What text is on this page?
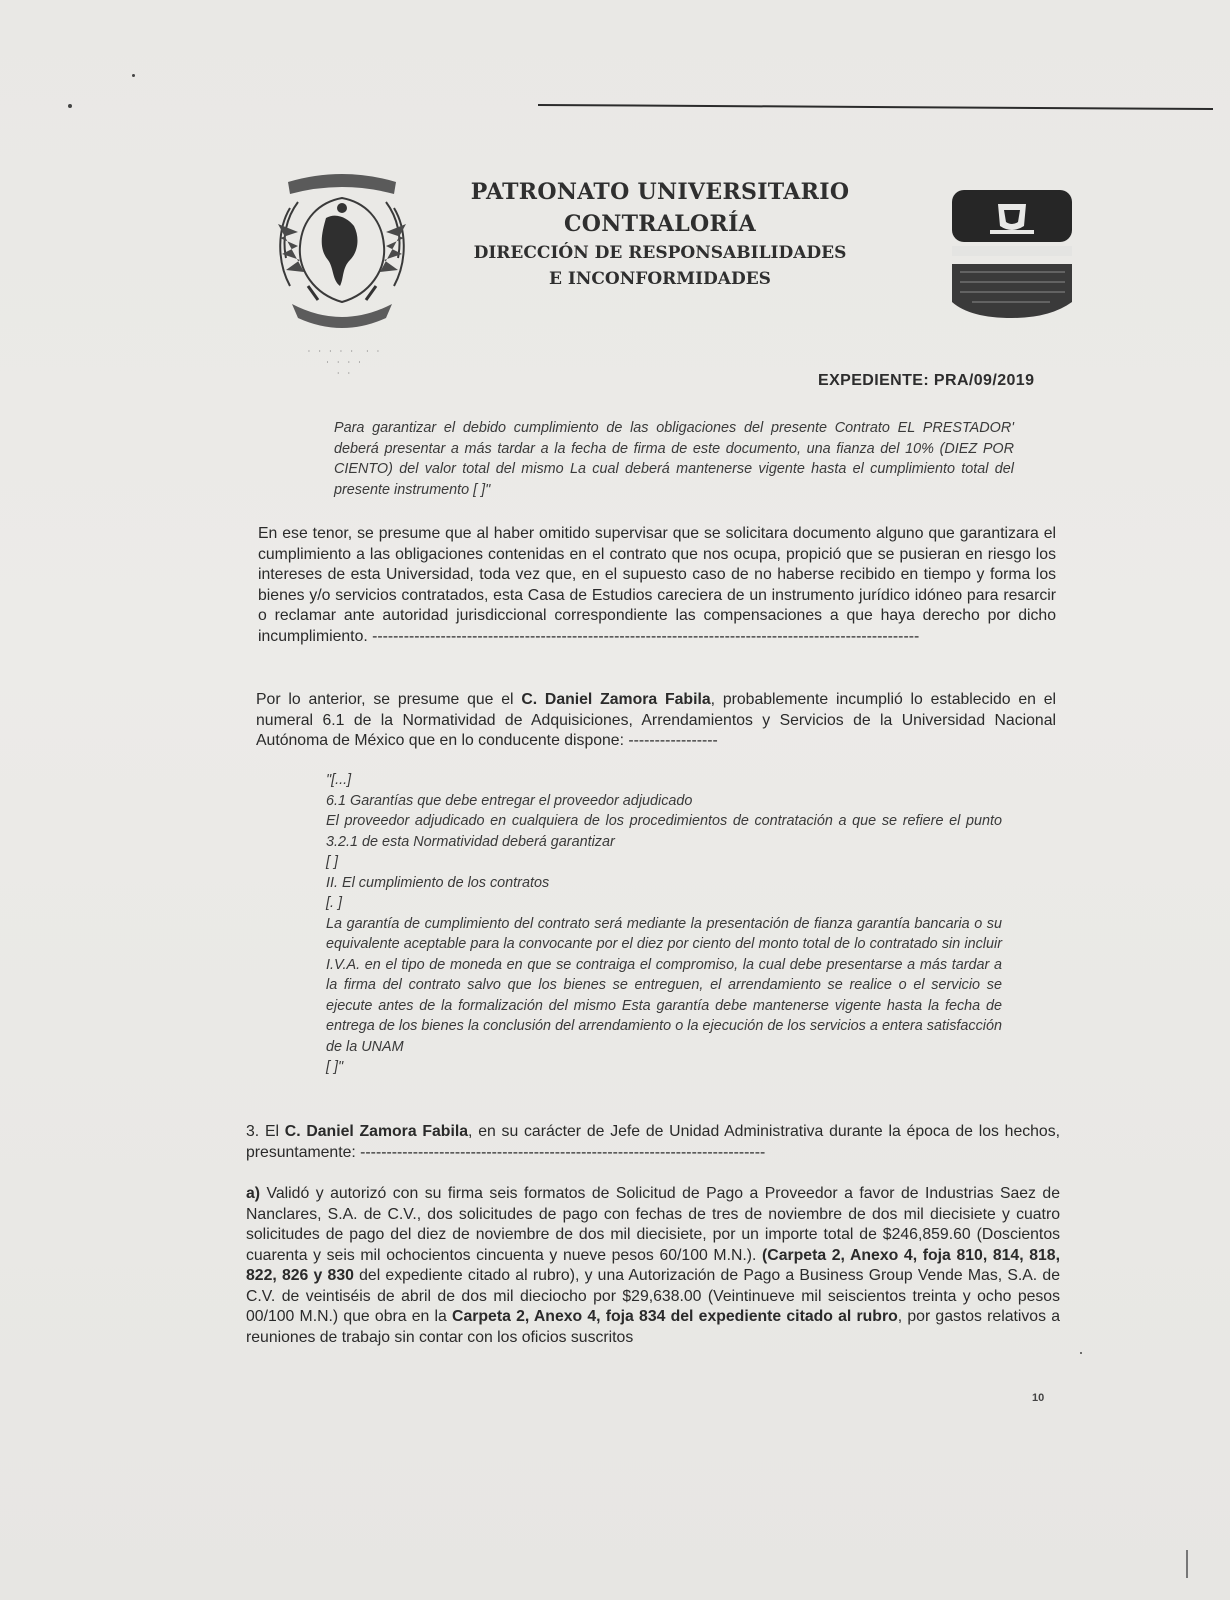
· · · · ·  · ·
· · · ·
· ·
PATRONATO UNIVERSITARIO
CONTRALORÍA
DIRECCIÓN DE RESPONSABILIDADES
E INCONFORMIDADES
EXPEDIENTE: PRA/09/2019
Para garantizar el debido cumplimiento de las obligaciones del presente Contrato EL PRESTADOR' deberá presentar a más tardar a la fecha de firma de este documento, una fianza del 10% (DIEZ POR CIENTO) del valor total del mismo La cual deberá mantenerse vigente hasta el cumplimiento total del presente instrumento [ ]"
En ese tenor, se presume que al haber omitido supervisar que se solicitara documento alguno que garantizara el cumplimiento a las obligaciones contenidas en el contrato que nos ocupa, propició que se pusieran en riesgo los intereses de esta Universidad, toda vez que, en el supuesto caso de no haberse recibido en tiempo y forma los bienes y/o servicios contratados, esta Casa de Estudios careciera de un instrumento jurídico idóneo para resarcir o reclamar ante autoridad jurisdiccional correspondiente las compensaciones a que haya derecho por dicho incumplimiento. --------------------------------------------------------------------------------------------------------
Por lo anterior, se presume que el C. Daniel Zamora Fabila, probablemente incumplió lo establecido en el numeral 6.1 de la Normatividad de Adquisiciones, Arrendamientos y Servicios de la Universidad Nacional Autónoma de México que en lo conducente dispone: -----------------
"[...]
6.1 Garantías que debe entregar el proveedor adjudicado
El proveedor adjudicado en cualquiera de los procedimientos de contratación a que se refiere el punto 3.2.1 de esta Normatividad deberá garantizar
[ ]
II. El cumplimiento de los contratos
[. ]
La garantía de cumplimiento del contrato será mediante la presentación de fianza garantía bancaria o su equivalente aceptable para la convocante por el diez por ciento del monto total de lo contratado sin incluir I.V.A. en el tipo de moneda en que se contraiga el compromiso, la cual debe presentarse a más tardar a la firma del contrato salvo que los bienes se entreguen, el arrendamiento se realice o el servicio se ejecute antes de la formalización del mismo Esta garantía debe mantenerse vigente hasta la fecha de entrega de los bienes la conclusión del arrendamiento o la ejecución de los servicios a entera satisfacción de la UNAM
[ ]"
3. El C. Daniel Zamora Fabila, en su carácter de Jefe de Unidad Administrativa durante la época de los hechos, presuntamente: -----------------------------------------------------------------------------
a) Validó y autorizó con su firma seis formatos de Solicitud de Pago a Proveedor a favor de Industrias Saez de Nanclares, S.A. de C.V., dos solicitudes de pago con fechas de tres de noviembre de dos mil diecisiete y cuatro solicitudes de pago del diez de noviembre de dos mil diecisiete, por un importe total de $246,859.60 (Doscientos cuarenta y seis mil ochocientos cincuenta y nueve pesos 60/100 M.N.). (Carpeta 2, Anexo 4, foja 810, 814, 818, 822, 826 y 830 del expediente citado al rubro), y una Autorización de Pago a Business Group Vende Mas, S.A. de C.V. de veintiséis de abril de dos mil dieciocho por $29,638.00 (Veintinueve mil seiscientos treinta y ocho pesos 00/100 M.N.) que obra en la Carpeta 2, Anexo 4, foja 834 del expediente citado al rubro, por gastos relativos a reuniones de trabajo sin contar con los oficios suscritos
10
